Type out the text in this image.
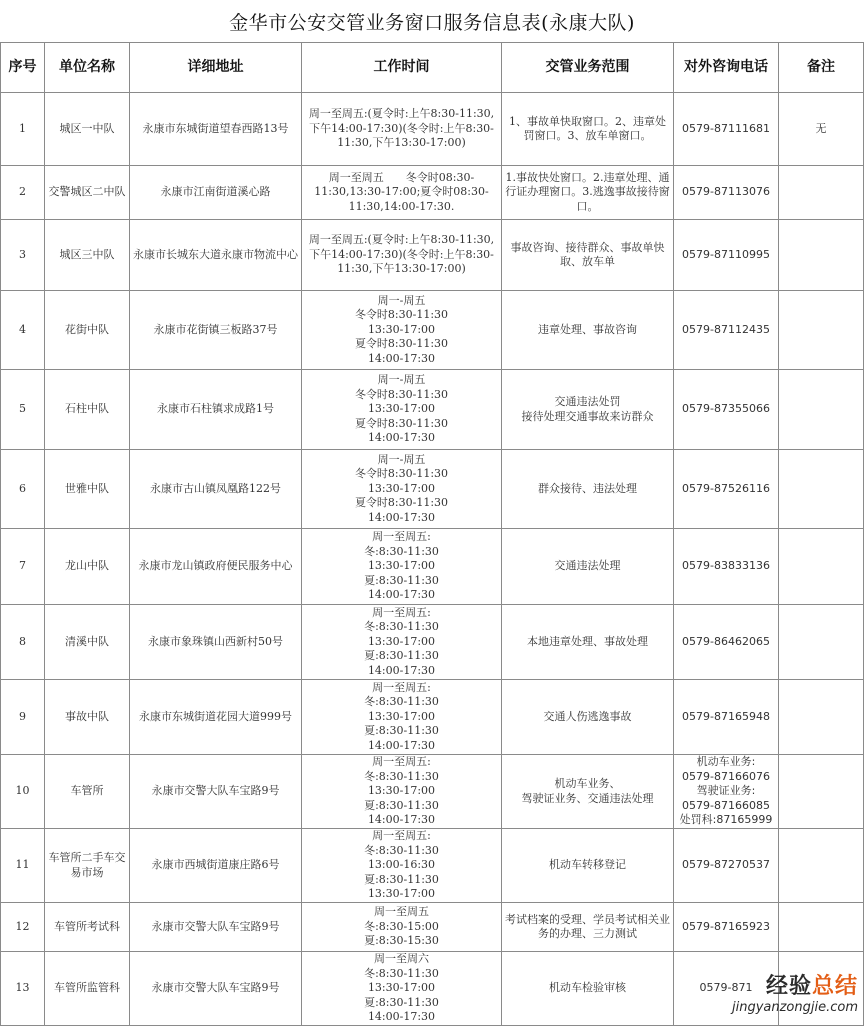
金华市公安交管业务窗口服务信息表(永康大队)
序号	单位名称	详细地址	工作时间	交管业务范围	对外咨询电话	备注
1	城区一中队	永康市东城街道望春西路13号	周一至周五:(夏令时:上午8:30-11:30,下午14:00-17:30)(冬令时:上午8:30-11:30,下午13:30-17:00)	1、事故单快取窗口。2、违章处罚窗口。3、放车单窗口。	0579-87111681	无
2	交警城区二中队	永康市江南街道溪心路	周一至周五　　冬令时08:30-11:30,13:30-17:00;夏令时08:30-11:30,14:00-17:30.	1.事故快处窗口。2.违章处理、通行证办理窗口。3.逃逸事故接待窗口。	0579-87113076	
3	城区三中队	永康市长城东大道永康市物流中心	周一至周五:(夏令时:上午8:30-11:30,下午14:00-17:30)(冬令时:上午8:30-11:30,下午13:30-17:00)	事故咨询、接待群众、事故单快取、放车单	0579-87110995	
4	花街中队	永康市花街镇三板路37号	周一-周五
冬令时8:30-11:30
13:30-17:00
夏令时8:30-11:30
14:00-17:30	违章处理、事故咨询	0579-87112435	
5	石柱中队	永康市石柱镇求成路1号	周一-周五
冬令时8:30-11:30
13:30-17:00
夏令时8:30-11:30
14:00-17:30	交通违法处罚
接待处理交通事故来访群众	0579-87355066	
6	世雅中队	永康市古山镇凤凰路122号	周一-周五
冬令时8:30-11:30
13:30-17:00
夏令时8:30-11:30
14:00-17:30	群众接待、违法处理	0579-87526116	
7	龙山中队	永康市龙山镇政府便民服务中心	周一至周五:
冬:8:30-11:30
13:30-17:00
夏:8:30-11:30
14:00-17:30	交通违法处理	0579-83833136	
8	清溪中队	永康市象珠镇山西新村50号	周一至周五:
冬:8:30-11:30
13:30-17:00
夏:8:30-11:30
14:00-17:30	本地违章处理、事故处理	0579-86462065	
9	事故中队	永康市东城街道花园大道999号	周一至周五:
冬:8:30-11:30
13:30-17:00
夏:8:30-11:30
14:00-17:30	交通人伤逃逸事故	0579-87165948	
10	车管所	永康市交警大队车宝路9号	周一至周五:
冬:8:30-11:30
13:30-17:00
夏:8:30-11:30
14:00-17:30	机动车业务、
驾驶证业务、交通违法处理	机动车业务:
0579-87166076
驾驶证业务:
0579-87166085
处罚科:87165999	
11	车管所二手车交易市场	永康市西城街道康庄路6号	周一至周五:
冬:8:30-11:30
13:00-16:30
夏:8:30-11:30
13:30-17:00	机动车转移登记	0579-87270537	
12	车管所考试科	永康市交警大队车宝路9号	周一至周五
冬:8:30-15:00
夏:8:30-15:30	考试档案的受理、学员考试相关业务的办理、三力测试	0579-87165923	
13	车管所监管科	永康市交警大队车宝路9号	周一至周六
冬:8:30-11:30
13:30-17:00
夏:8:30-11:30
14:00-17:30	机动车检验审核	0579-871	经验总结
jingyanzongjie.com
